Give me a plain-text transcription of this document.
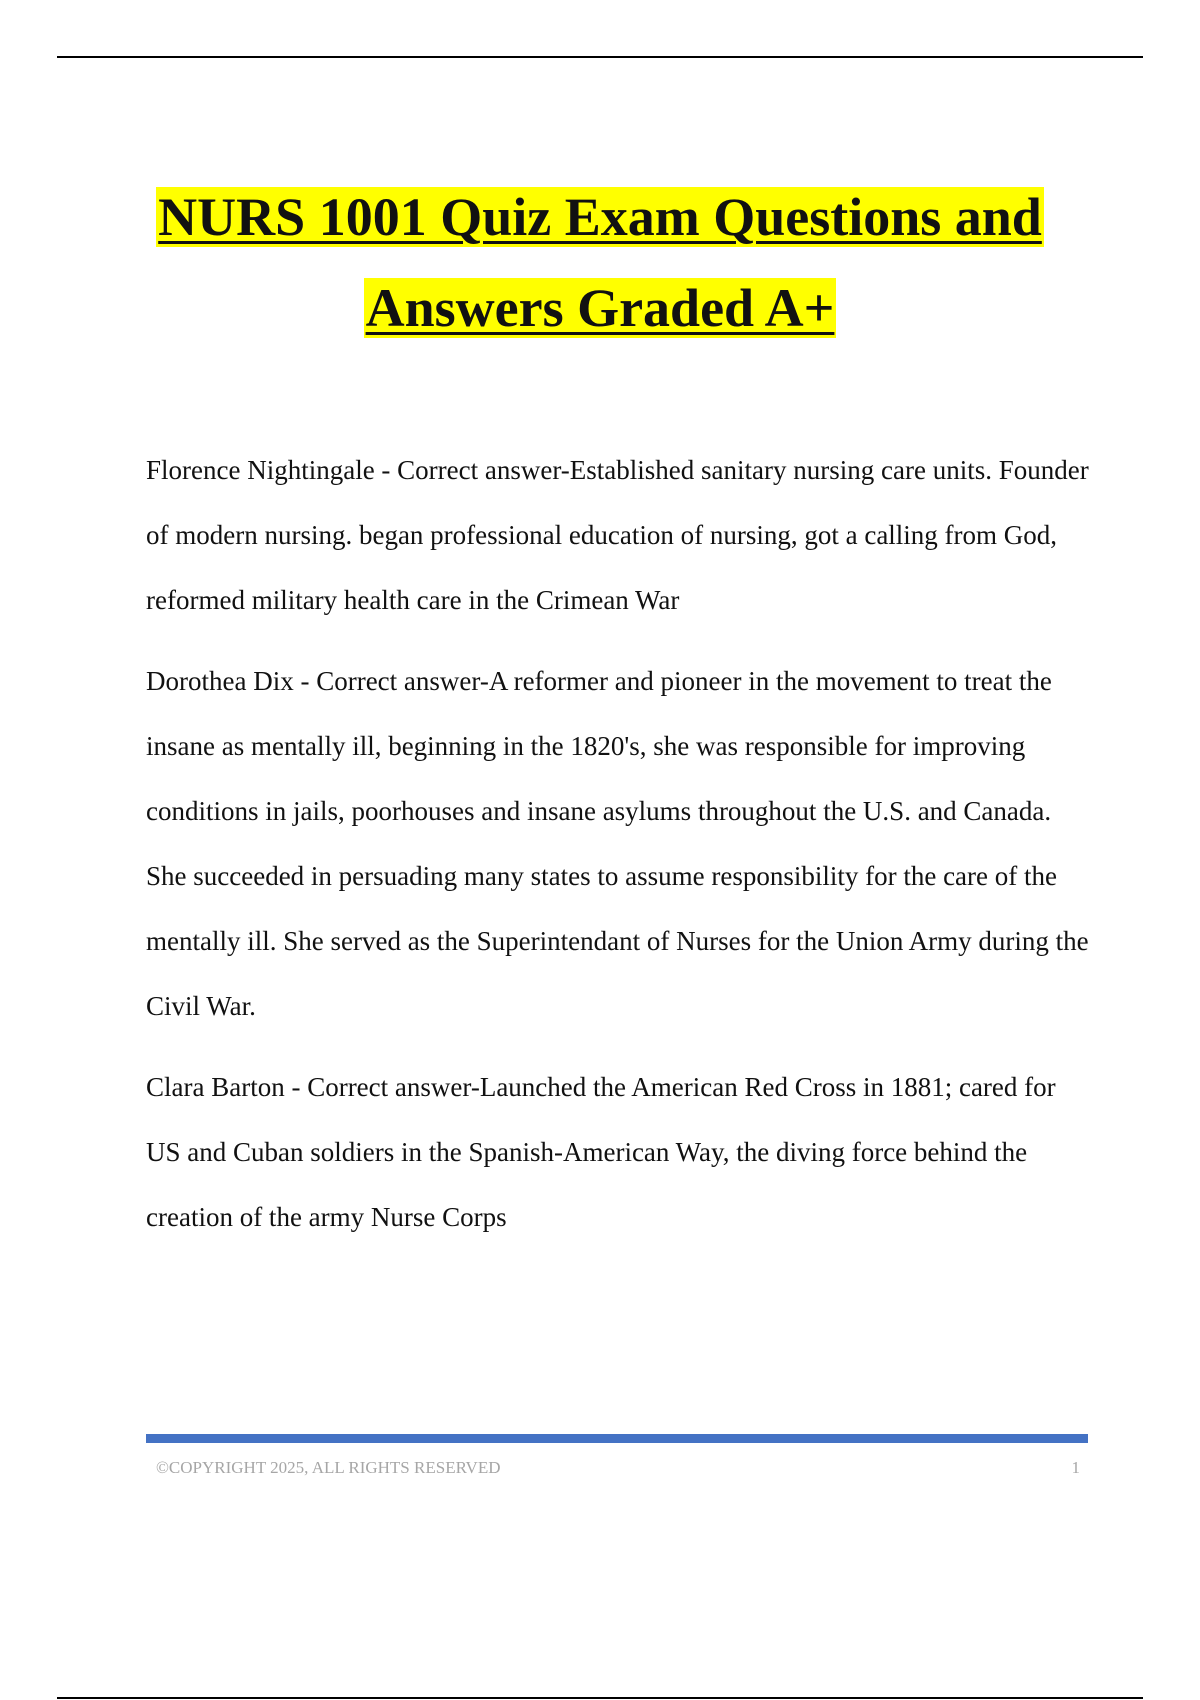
NURS 1001 Quiz Exam Questions and Answers Graded A+

Florence Nightingale - Correct answer-Established sanitary nursing care units. Founder of modern nursing. began professional education of nursing, got a calling from God, reformed military health care in the Crimean War

Dorothea Dix - Correct answer-A reformer and pioneer in the movement to treat the insane as mentally ill, beginning in the 1820's, she was responsible for improving conditions in jails, poorhouses and insane asylums throughout the U.S. and Canada. She succeeded in persuading many states to assume responsibility for the care of the mentally ill. She served as the Superintendant of Nurses for the Union Army during the Civil War.

Clara Barton - Correct answer-Launched the American Red Cross in 1881; cared for US and Cuban soldiers in the Spanish-American Way, the diving force behind the creation of the army Nurse Corps

©COPYRIGHT 2025, ALL RIGHTS RESERVED	1
